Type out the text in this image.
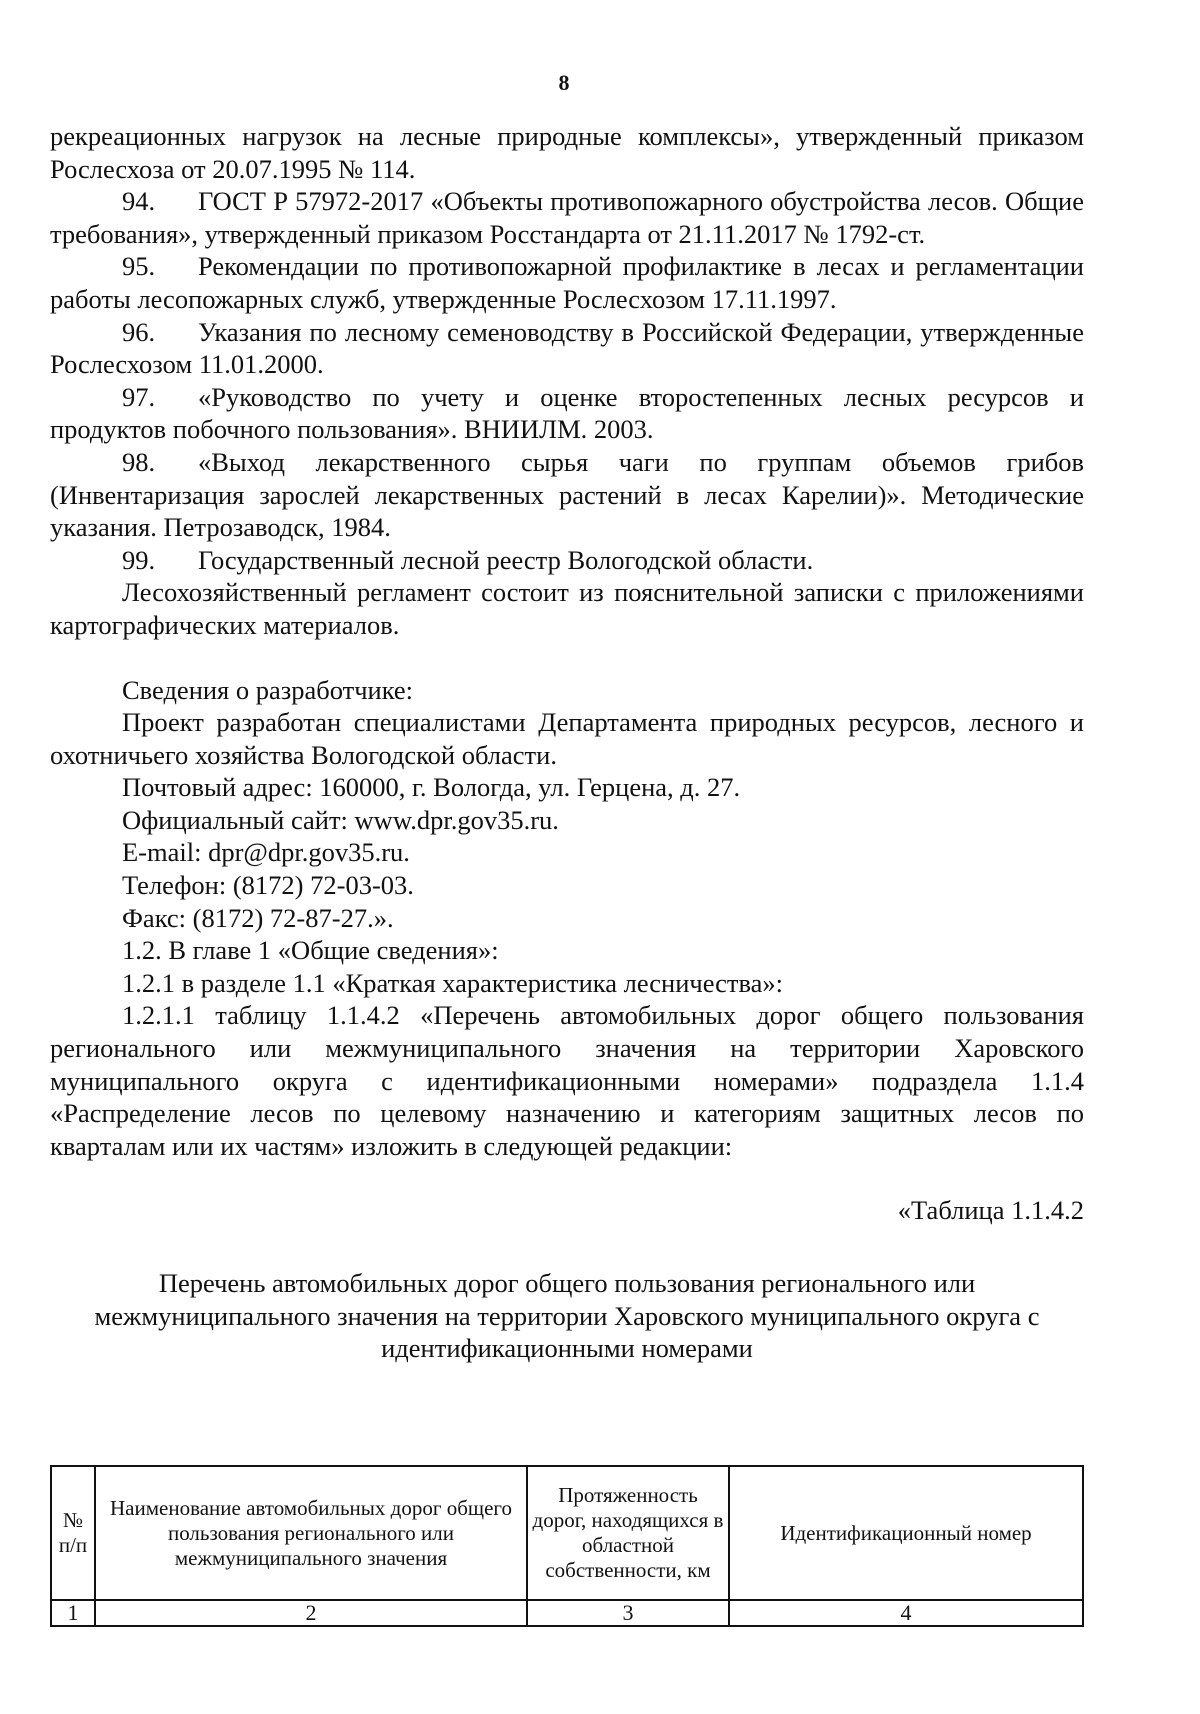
8

рекреационных нагрузок на лесные природные комплексы», утвержденный приказом Рослесхоза от 20.07.1995 № 114.

94. ГОСТ Р 57972-2017 «Объекты противопожарного обустройства лесов. Общие требования», утвержденный приказом Росстандарта от 21.11.2017 № 1792-ст.

95. Рекомендации по противопожарной профилактике в лесах и регламентации работы лесопожарных служб, утвержденные Рослесхозом 17.11.1997.

96. Указания по лесному семеноводству в Российской Федерации, утвержденные Рослесхозом 11.01.2000.

97. «Руководство по учету и оценке второстепенных лесных ресурсов и продуктов побочного пользования». ВНИИЛМ. 2003.

98. «Выход лекарственного сырья чаги по группам объемов грибов (Инвентаризация зарослей лекарственных растений в лесах Карелии)». Методические указания. Петрозаводск, 1984.

99. Государственный лесной реестр Вологодской области.

Лесохозяйственный регламент состоит из пояснительной записки с приложениями картографических материалов.

Сведения о разработчике:

Проект разработан специалистами Департамента природных ресурсов, лесного и охотничьего хозяйства Вологодской области.

Почтовый адрес: 160000, г. Вологда, ул. Герцена, д. 27.

Официальный сайт: www.dpr.gov35.ru.

E-mail: dpr@dpr.gov35.ru.

Телефон: (8172) 72-03-03.

Факс: (8172) 72-87-27.».

1.2. В главе 1 «Общие сведения»:

1.2.1 в разделе 1.1 «Краткая характеристика лесничества»:

1.2.1.1 таблицу 1.1.4.2 «Перечень автомобильных дорог общего пользования регионального или межмуниципального значения на территории Харовского муниципального округа с идентификационными номерами» подраздела 1.1.4 «Распределение лесов по целевому назначению и категориям защитных лесов по кварталам или их частям» изложить в следующей редакции:

«Таблица 1.1.4.2

Перечень автомобильных дорог общего пользования регионального или
межмуниципального значения на территории Харовского муниципального округа с
идентификационными номерами
№ п/п	Наименование автомобильных дорог общего пользования регионального или межмуниципального значения	Протяженность дорог, находящихся в областной собственности, км	Идентификационный номер
1	2	3	4
